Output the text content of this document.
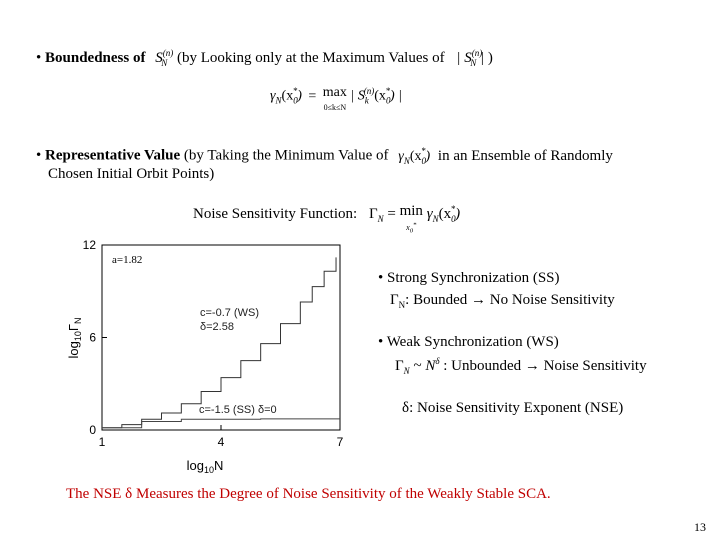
• Boundedness of $S^{(n)}_N$ (by Looking only at the Maximum Values of | $S^{(n)}_N$ | )
$\gamma_N(x_0^*) = \max$
0≤k≤N | $S_k^{(n)}(x_0^*)$ |
• Representative Value (by Taking the Minimum Value of $\gamma_N(x_0^*)$ in an Ensemble of Randomly
Chosen Initial Orbit Points)
Noise Sensitivity Function: $\Gamma_N = \min$
$x_0^*$ $\gamma_N(x_0^*)$
1	4	7
0
6
12
a=1.82
c=-0.7 (WS)
δ=2.58
c=-1.5 (SS) δ=0
$\log_{10}N$
$\log_{10}\Gamma_N$
• Strong Synchronization (SS)
$\Gamma_N$: Bounded → No Noise Sensitivity
• Weak Synchronization (WS)
$\Gamma_N$ ~ $N^\delta$ : Unbounded → Noise Sensitivity
δ: Noise Sensitivity Exponent (NSE)
The NSE δ Measures the Degree of Noise Sensitivity of the Weakly Stable SCA.
13
